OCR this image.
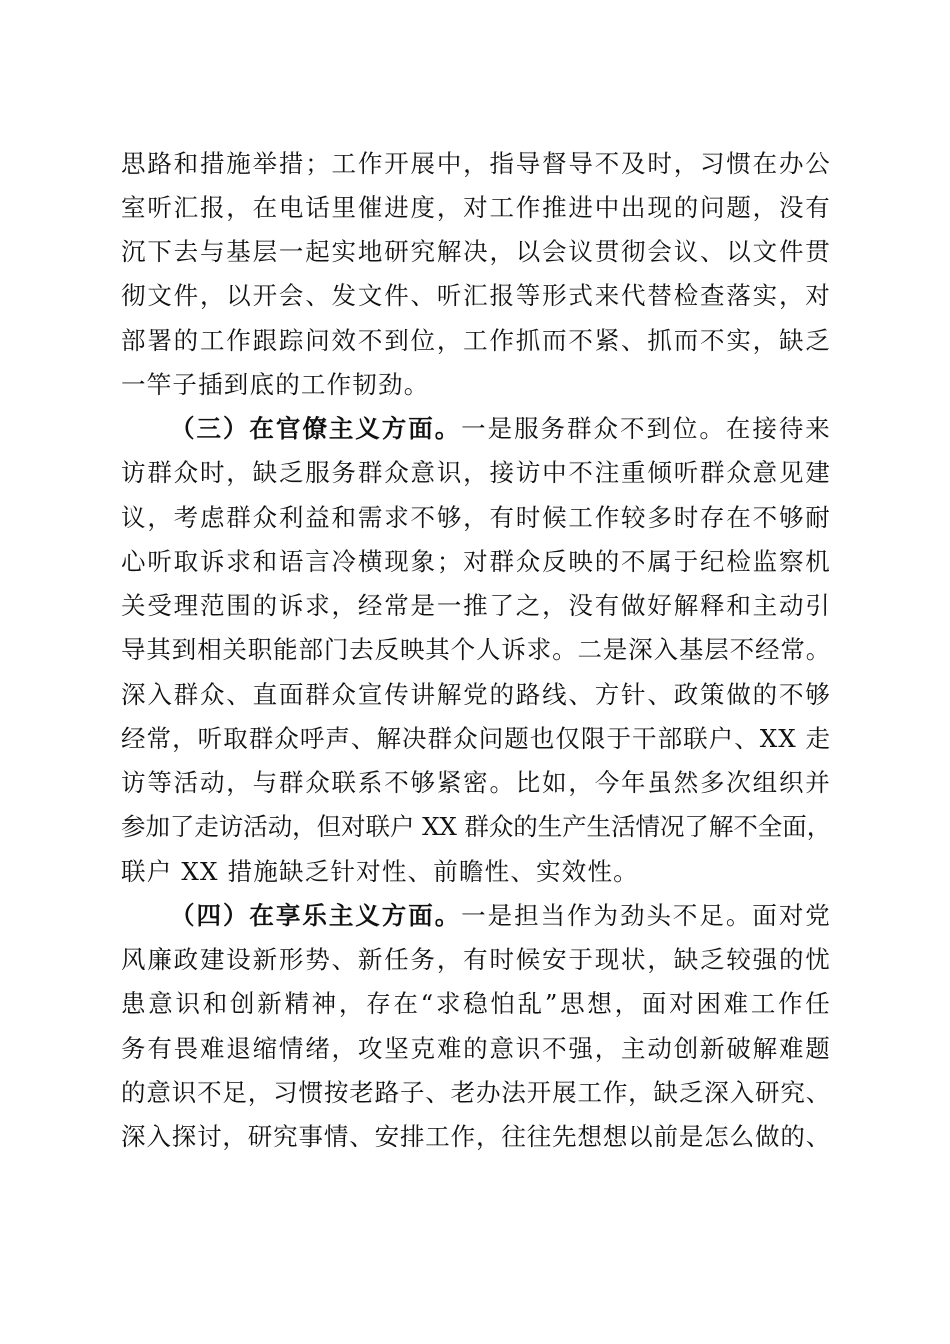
思路和措施举措；工作开展中，指导督导不及时，习惯在办公
室听汇报，在电话里催进度，对工作推进中出现的问题，没有
沉下去与基层一起实地研究解决，以会议贯彻会议、以文件贯
彻文件，以开会、发文件、听汇报等形式来代替检查落实，对
部署的工作跟踪问效不到位，工作抓而不紧、抓而不实，缺乏
一竿子插到底的工作韧劲。
（三）在官僚主义方面。一是服务群众不到位。在接待来
访群众时，缺乏服务群众意识，接访中不注重倾听群众意见建
议，考虑群众利益和需求不够，有时候工作较多时存在不够耐
心听取诉求和语言冷横现象；对群众反映的不属于纪检监察机
关受理范围的诉求，经常是一推了之，没有做好解释和主动引
导其到相关职能部门去反映其个人诉求。二是深入基层不经常。
深入群众、直面群众宣传讲解党的路线、方针、政策做的不够
经常，听取群众呼声、解决群众问题也仅限于干部联户、XX 走
访等活动，与群众联系不够紧密。比如，今年虽然多次组织并
参加了走访活动，但对联户 XX 群众的生产生活情况了解不全面，
联户 XX 措施缺乏针对性、前瞻性、实效性。
（四）在享乐主义方面。一是担当作为劲头不足。面对党
风廉政建设新形势、新任务，有时候安于现状，缺乏较强的忧
患意识和创新精神，存在“求稳怕乱”思想，面对困难工作任
务有畏难退缩情绪，攻坚克难的意识不强，主动创新破解难题
的意识不足，习惯按老路子、老办法开展工作，缺乏深入研究、
深入探讨，研究事情、安排工作，往往先想想以前是怎么做的、
